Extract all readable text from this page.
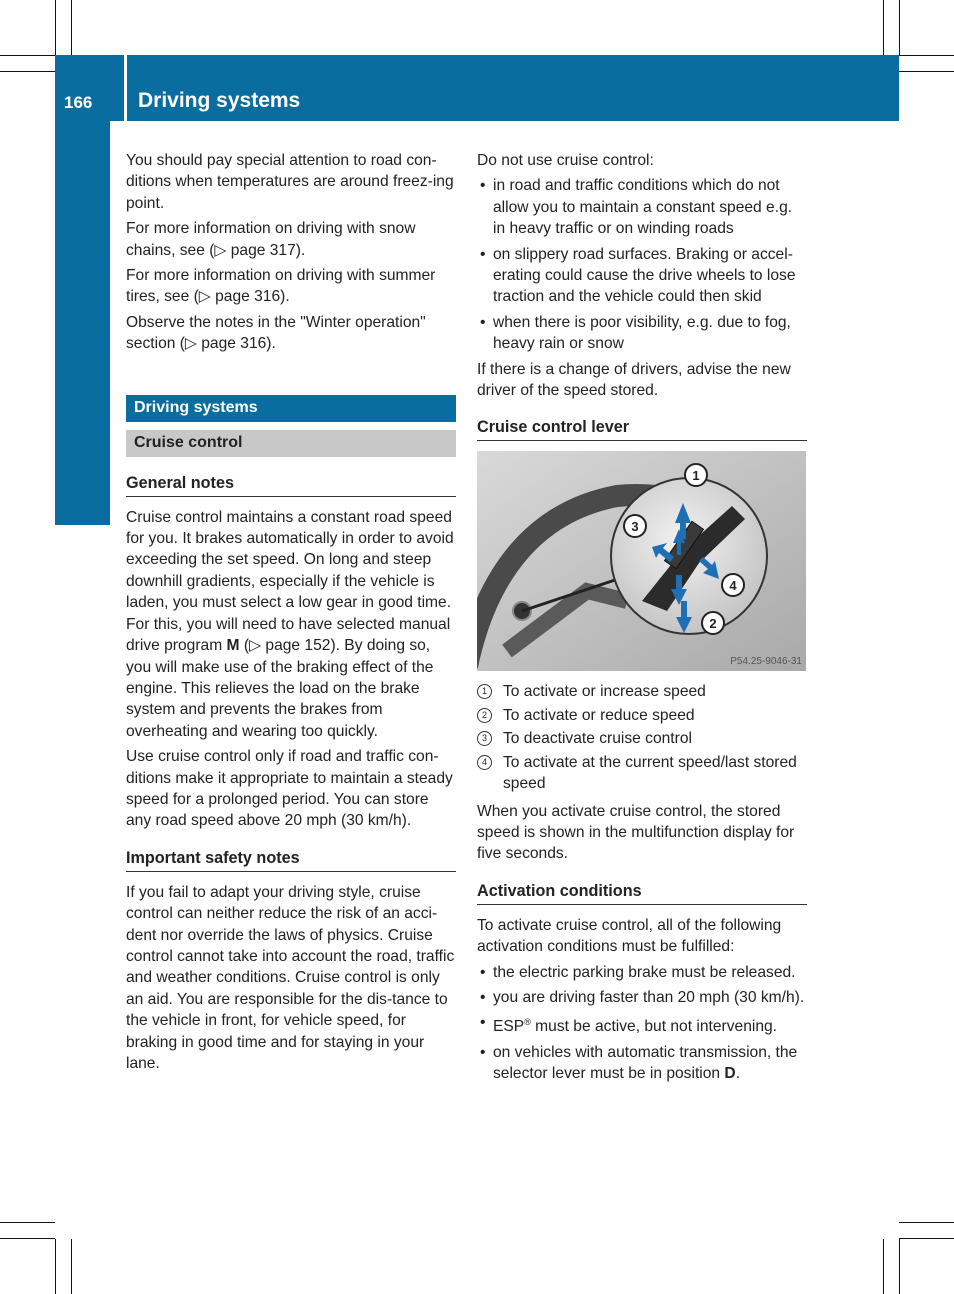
166	Driving systems
Driving and parking

You should pay special attention to road con-ditions when temperatures are around freez-ing point.

For more information on driving with snow chains, see (▷ page 317).

For more information on driving with summer tires, see (▷ page 316).

Observe the notes in the "Winter operation" section (▷ page 316).

Driving systems
Cruise control
General notes

Cruise control maintains a constant road speed for you. It brakes automatically in order to avoid exceeding the set speed. On long and steep downhill gradients, especially if the vehicle is laden, you must select a low gear in good time. For this, you will need to have selected manual drive program M (▷ page 152). By doing so, you will make use of the braking effect of the engine. This relieves the load on the brake system and prevents the brakes from overheating and wearing too quickly.

Use cruise control only if road and traffic con-ditions make it appropriate to maintain a steady speed for a prolonged period. You can store any road speed above 20 mph (30 km/h).

Important safety notes

If you fail to adapt your driving style, cruise control can neither reduce the risk of an acci-dent nor override the laws of physics. Cruise control cannot take into account the road, traffic and weather conditions. Cruise control is only an aid. You are responsible for the dis-tance to the vehicle in front, for vehicle speed, for braking in good time and for staying in your lane.

Do not use cruise control:

• in road and traffic conditions which do not allow you to maintain a constant speed e.g. in heavy traffic or on winding roads
• on slippery road surfaces. Braking or accel-erating could cause the drive wheels to lose traction and the vehicle could then skid
• when there is poor visibility, e.g. due to fog, heavy rain or snow

If there is a change of drivers, advise the new driver of the speed stored.

Cruise control lever
1
2
3
4
P54.25-9046-31
1	To activate or increase speed
2	To activate or reduce speed
3	To deactivate cruise control
4	To activate at the current speed/last stored speed

When you activate cruise control, the stored speed is shown in the multifunction display for five seconds.

Activation conditions

To activate cruise control, all of the following activation conditions must be fulfilled:

• the electric parking brake must be released.
• you are driving faster than 20 mph (30 km/h).
• ESP® must be active, but not intervening.
• on vehicles with automatic transmission, the selector lever must be in position D.
